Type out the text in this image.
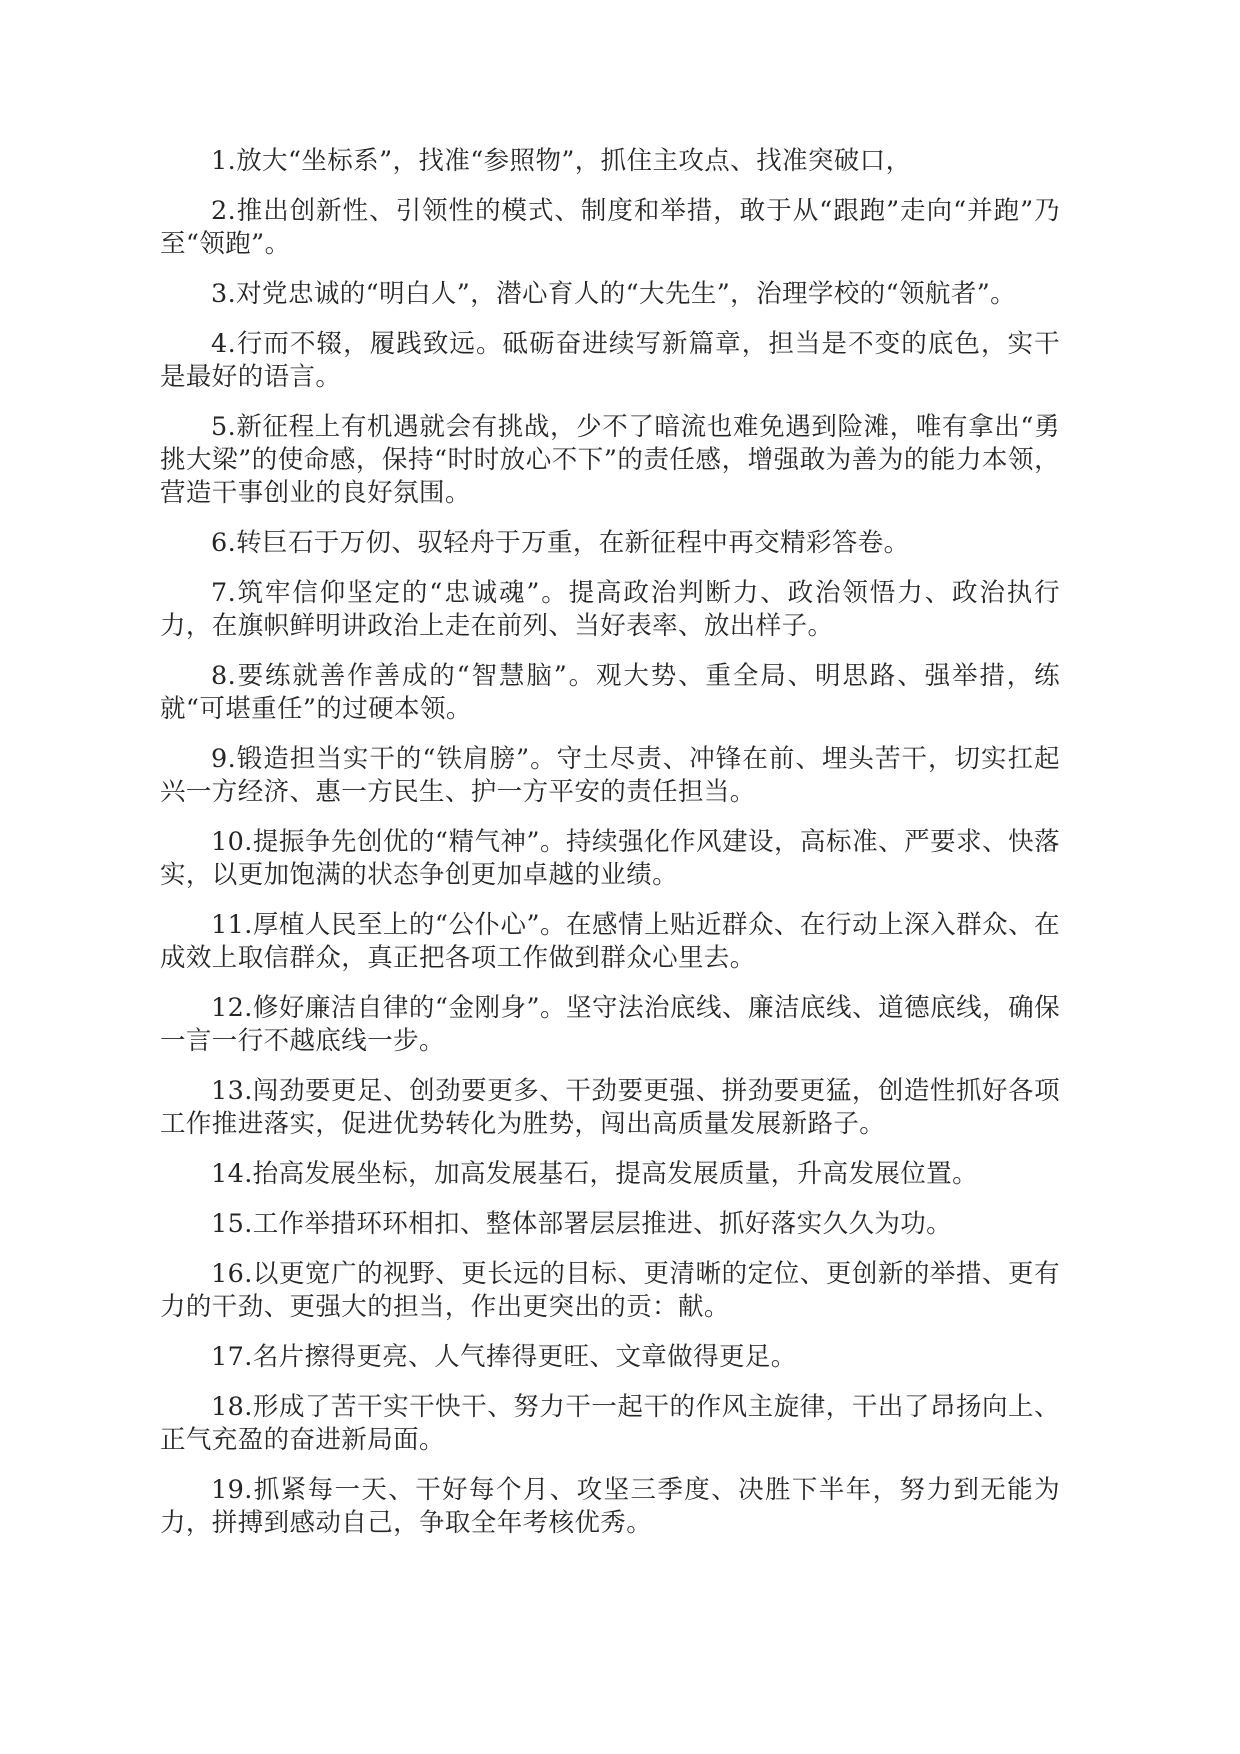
1.放大“坐标系”，找准“参照物”，抓住主攻点、找准突破口，

2.推出创新性、引领性的模式、制度和举措，敢于从“跟跑”走向“并跑”乃至“领跑”。

3.对党忠诚的“明白人”，潜心育人的“大先生”，治理学校的“领航者”。

4.行而不辍，履践致远。砥砺奋进续写新篇章，担当是不变的底色，实干是最好的语言。

5.新征程上有机遇就会有挑战，少不了暗流也难免遇到险滩，唯有拿出“勇挑大梁”的使命感，保持“时时放心不下”的责任感，增强敢为善为的能力本领，营造干事创业的良好氛围。

6.转巨石于万仞、驭轻舟于万重，在新征程中再交精彩答卷。

7.筑牢信仰坚定的“忠诚魂”。提高政治判断力、政治领悟力、政治执行力，在旗帜鲜明讲政治上走在前列、当好表率、放出样子。

8.要练就善作善成的“智慧脑”。观大势、重全局、明思路、强举措，练就“可堪重任”的过硬本领。

9.锻造担当实干的“铁肩膀”。守土尽责、冲锋在前、埋头苦干，切实扛起兴一方经济、惠一方民生、护一方平安的责任担当。

10.提振争先创优的“精气神”。持续强化作风建设，高标准、严要求、快落实，以更加饱满的状态争创更加卓越的业绩。

11.厚植人民至上的“公仆心”。在感情上贴近群众、在行动上深入群众、在成效上取信群众，真正把各项工作做到群众心里去。

12.修好廉洁自律的“金刚身”。坚守法治底线、廉洁底线、道德底线，确保一言一行不越底线一步。

13.闯劲要更足、创劲要更多、干劲要更强、拼劲要更猛，创造性抓好各项工作推进落实，促进优势转化为胜势，闯出高质量发展新路子。

14.抬高发展坐标，加高发展基石，提高发展质量，升高发展位置。

15.工作举措环环相扣、整体部署层层推进、抓好落实久久为功。

16.以更宽广的视野、更长远的目标、更清晰的定位、更创新的举措、更有力的干劲、更强大的担当，作出更突出的贡：献。

17.名片擦得更亮、人气捧得更旺、文章做得更足。

18.形成了苦干实干快干、努力干一起干的作风主旋律，干出了昂扬向上、正气充盈的奋进新局面。

19.抓紧每一天、干好每个月、攻坚三季度、决胜下半年，努力到无能为力，拼搏到感动自己，争取全年考核优秀。
